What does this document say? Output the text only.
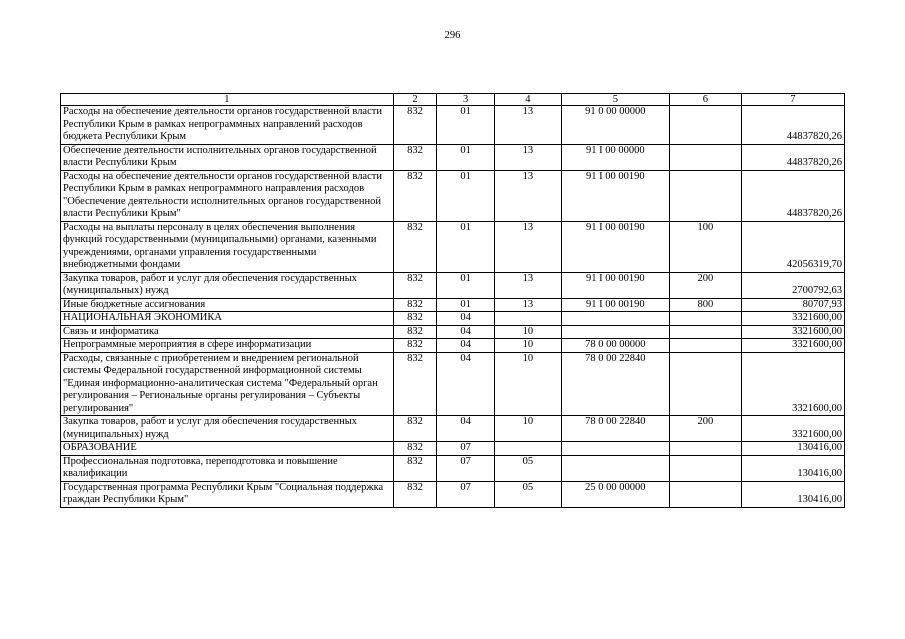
296
1	2	3	4	5	6	7
Расходы на обеспечение деятельности органов государственной власти Республики Крым в рамках непрограммных направлений расходов бюджета Республики Крым	832	01	13	91 0 00 00000		44837820,26
Обеспечение деятельности исполнительных органов государственной власти Республики Крым	832	01	13	91 I 00 00000		44837820,26
Расходы на обеспечение деятельности органов государственной власти Республики Крым в рамках непрограммного направления расходов "Обеспечение деятельности исполнительных органов государственной власти Республики Крым"	832	01	13	91 I 00 00190		44837820,26
Расходы на выплаты персоналу в целях обеспечения выполнения функций государственными (муниципальными) органами, казенными учреждениями, органами управления государственными внебюджетными фондами	832	01	13	91 I 00 00190	100	42056319,70
Закупка товаров, работ и услуг для обеспечения государственных (муниципальных) нужд	832	01	13	91 I 00 00190	200	2700792,63
Иные бюджетные ассигнования	832	01	13	91 I 00 00190	800	80707,93
НАЦИОНАЛЬНАЯ ЭКОНОМИКА	832	04				3321600,00
Связь и информатика	832	04	10			3321600,00
Непрограммные мероприятия в сфере информатизации	832	04	10	78 0 00 00000		3321600,00
Расходы, связанные с приобретением и внедрением региональной системы Федеральной государственной информационной системы "Единая информационно-аналитическая система "Федеральный орган регулирования – Региональные органы регулирования – Субъекты регулирования"	832	04	10	78 0 00 22840		3321600,00
Закупка товаров, работ и услуг для обеспечения государственных (муниципальных) нужд	832	04	10	78 0 00 22840	200	3321600,00
ОБРАЗОВАНИЕ	832	07				130416,00
Профессиональная подготовка, переподготовка и повышение квалификации	832	07	05			130416,00
Государственная программа Республики Крым "Социальная поддержка граждан Республики Крым"	832	07	05	25 0 00 00000		130416,00
